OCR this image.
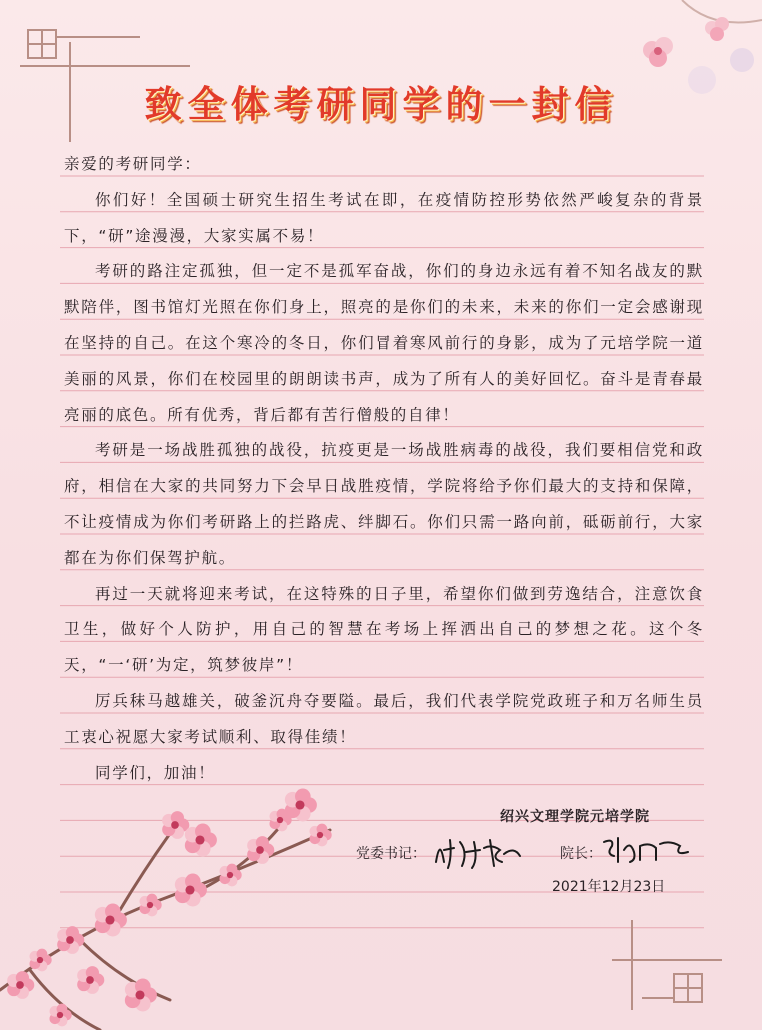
致全体考研同学的一封信

亲爱的考研同学：

你们好！全国硕士研究生招生考试在即，在疫情防控形势依然严峻复杂的背景下，“研”途漫漫，大家实属不易！

考研的路注定孤独，但一定不是孤军奋战，你们的身边永远有着不知名战友的默默陪伴，图书馆灯光照在你们身上，照亮的是你们的未来，未来的你们一定会感谢现在坚持的自己。在这个寒冷的冬日，你们冒着寒风前行的身影，成为了元培学院一道美丽的风景，你们在校园里的朗朗读书声，成为了所有人的美好回忆。奋斗是青春最亮丽的底色。所有优秀，背后都有苦行僧般的自律！

考研是一场战胜孤独的战役，抗疫更是一场战胜病毒的战役，我们要相信党和政府，相信在大家的共同努力下会早日战胜疫情，学院将给予你们最大的支持和保障，不让疫情成为你们考研路上的拦路虎、绊脚石。你们只需一路向前，砥砺前行，大家都在为你们保驾护航。

再过一天就将迎来考试，在这特殊的日子里，希望你们做到劳逸结合，注意饮食卫生，做好个人防护，用自己的智慧在考场上挥洒出自己的梦想之花。这个冬天，“一‘研’为定，筑梦彼岸”！

厉兵秣马越雄关，破釜沉舟夺要隘。最后，我们代表学院党政班子和万名师生员工衷心祝愿大家考试顺利、取得佳绩！

同学们，加油！

绍兴文理学院元培学院
党委书记：	院长：
2021年12月23日
